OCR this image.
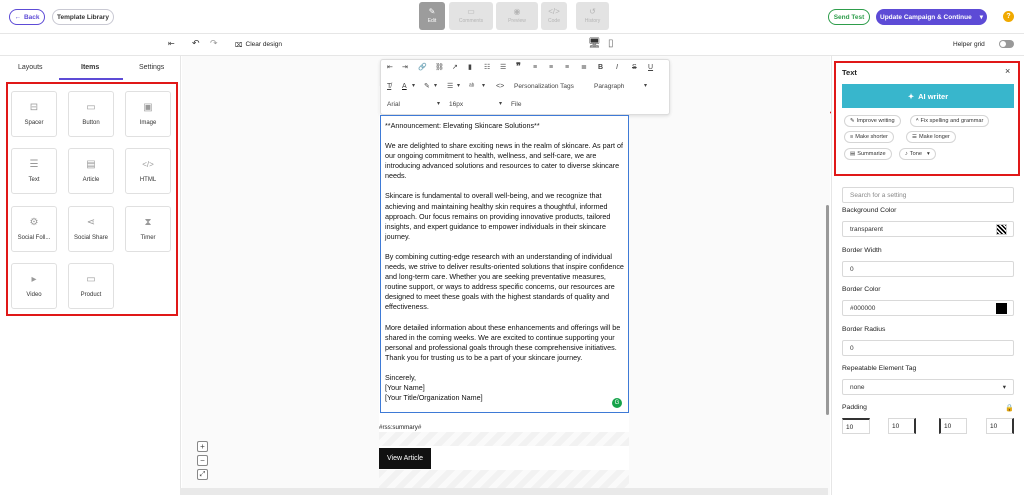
← Back	Template Library
✎
Edit
▭
Comments
◉
Preview
</>
Code
↺
History
Send Test Update Campaign & Continue ▾	?
⇤ ↶ ↷	⌧ Clear design	🖥 ▯	Helper grid
Layouts	Items	Settings
⊟
Spacer
▭
Button
▣
Image
☰
Text
▤
Article
</>
HTML
⚙
Social Foll...
⋖
Social Share
⧗
Timer
▸
Video
▭
Product
#rss:summary#
View Article
+
−
⤢
⇤ ⇥ 🔗 ⛓ ↗ ▮ ☷ ☰ ❞ ≡ ≡ ≡ ≣ B I S U
T̸ A ▾ ✎ ▾ ☰ ▾ ᵃᵇ ▾ <> Personalization Tags	Paragraph	▾
Arial	▾ 16px	▾ File

**Announcement: Elevating Skincare Solutions**

We are delighted to share exciting news in the realm of skincare. As part of our ongoing commitment to health, wellness, and self-care, we are introducing advanced solutions and resources to cater to diverse skincare needs.

Skincare is fundamental to overall well-being, and we recognize that achieving and maintaining healthy skin requires a thoughtful, informed approach. Our focus remains on providing innovative products, tailored insights, and expert guidance to empower individuals in their skincare journey.

By combining cutting-edge research with an understanding of individual needs, we strive to deliver results-oriented solutions that inspire confidence and long-term care. Whether you are seeking preventative measures, routine support, or ways to address specific concerns, our resources are designed to meet these goals with the highest standards of quality and effectiveness.

More detailed information about these enhancements and offerings will be shared in the coming weeks. We are excited to continue supporting your personal and professional goals through these comprehensive initiatives. Thank you for trusting us to be a part of your skincare journey.

Sincerely,
[Your Name]
[Your Title/Organization Name]
G
Text	×
✦ AI writer
✎ Improve writing	ᴬ Fix spelling and grammar
≡ Make shorter	☰ Make longer
▤ Summarize	♪ Tone ▾
Search for a setting
Background Color
transparent
Border Width
0
Border Color
#000000
Border Radius
0
Repeatable Element Tag
none	▾
Padding	🔒
10	10	10	10
